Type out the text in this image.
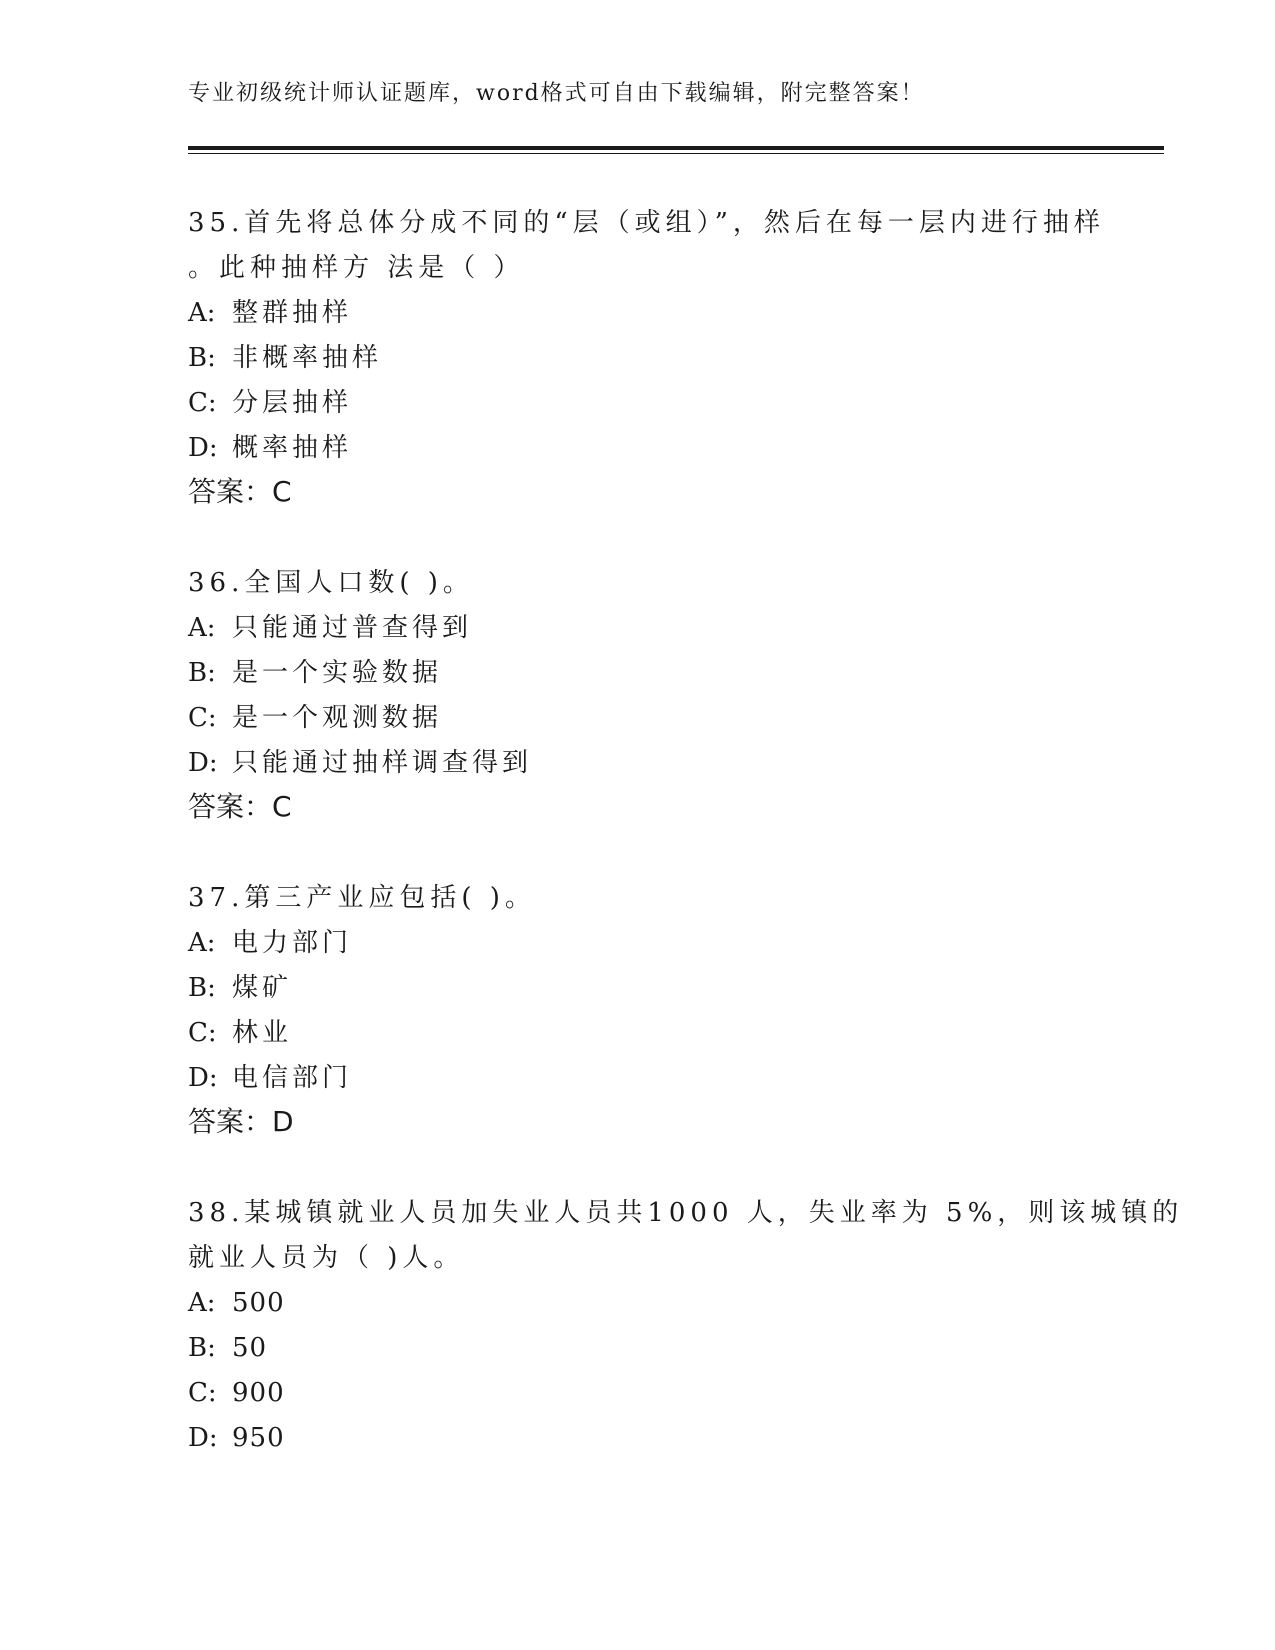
专业初级统计师认证题库，word格式可自由下载编辑，附完整答案！
35.首先将总体分成不同的“层（或组）”，然后在每一层内进行抽样
。此种抽样方 法是（ ）
A: 整群抽样
B: 非概率抽样
C: 分层抽样
D: 概率抽样
答案：C
36.全国人口数( )。
A: 只能通过普查得到
B: 是一个实验数据
C: 是一个观测数据
D: 只能通过抽样调查得到
答案：C
37.第三产业应包括( )。
A: 电力部门
B: 煤矿
C: 林业
D: 电信部门
答案：D
38.某城镇就业人员加失业人员共1000 人，失业率为 5%，则该城镇的
就业人员为（ )人。
A: 500
B: 50
C: 900
D: 950
